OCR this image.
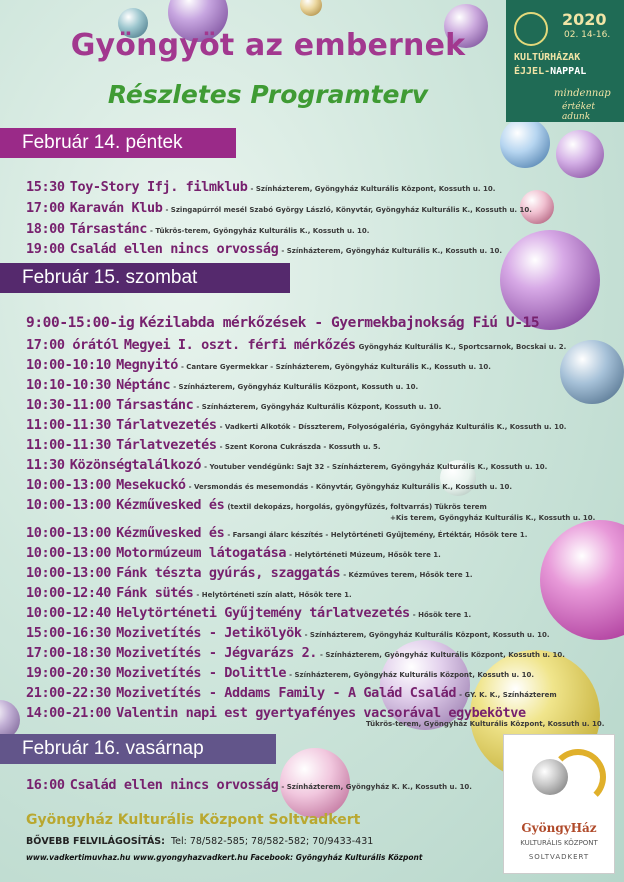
Gyöngyöt az embernek
Részletes Programterv
2020
02. 14-16.
KULTÚRHÁZAK
ÉJJEL-NAPPAL
mindennap
értéket adunk
Február 14. péntek
15:30 Toy-Story Ifj. filmklub - Színházterem, Gyöngyház Kulturális Központ, Kossuth u. 10.
17:00 Karaván Klub - Szingapúrról mesél Szabó György László, Könyvtár, Gyöngyház Kulturális K., Kossuth u. 10.
18:00 Társastánc - Tükrös-terem, Gyöngyház Kulturális K., Kossuth u. 10.
19:00 Család ellen nincs orvosság - Színházterem, Gyöngyház Kulturális K., Kossuth u. 10.
Február 15. szombat
9:00-15:00-ig Kézilabda mérkőzések - Gyermekbajnokság Fiú U-15
17:00 órától Megyei I. oszt. férfi mérkőzés Gyöngyház Kulturális K., Sportcsarnok, Bocskai u. 2.
10:00-10:10 Megnyitó - Cantare Gyermekkar - Színházterem, Gyöngyház Kulturális K., Kossuth u. 10.
10:10-10:30 Néptánc - Színházterem, Gyöngyház Kulturális Központ, Kossuth u. 10.
10:30-11:00 Társastánc - Színházterem, Gyöngyház Kulturális Központ, Kossuth u. 10.
11:00-11:30 Tárlatvezetés - Vadkerti Alkotók - Dísszterem, Folyosógaléria, Gyöngyház Kulturális K., Kossuth u. 10.
11:00-11:30 Tárlatvezetés - Szent Korona Cukrászda - Kossuth u. 5.
11:30 Közönségtalálkozó - Youtuber vendégünk: Sajt 32 - Színházterem, Gyöngyház Kulturális K., Kossuth u. 10.
10:00-13:00 Mesekuckó - Versmondás és mesemondás - Könyvtár, Gyöngyház Kulturális K., Kossuth u. 10.
10:00-13:00 Kézművesked és (textil dekopázs, horgolás, gyöngyfűzés, foltvarrás) Tükrös terem
+Kis terem, Gyöngyház Kulturális K., Kossuth u. 10.
10:00-13:00 Kézművesked és - Farsangi álarc készítés - Helytörténeti Gyűjtemény, Értéktár, Hősök tere 1.
10:00-13:00 Motormúzeum látogatása - Helytörténeti Múzeum, Hősök tere 1.
10:00-13:00 Fánk tészta gyúrás, szaggatás - Kézműves terem, Hősök tere 1.
10:00-12:40 Fánk sütés - Helytörténeti szín alatt, Hősök tere 1.
10:00-12:40 Helytörténeti Gyűjtemény tárlatvezetés - Hősök tere 1.
15:00-16:30 Mozivetítés - Jetikölyök - Színházterem, Gyöngyház Kulturális Központ, Kossuth u. 10.
17:00-18:30 Mozivetítés - Jégvarázs 2. - Színházterem, Gyöngyház Kulturális Központ, Kossuth u. 10.
19:00-20:30 Mozivetítés - Dolittle - Színházterem, Gyöngyház Kulturális Központ, Kossuth u. 10.
21:00-22:30 Mozivetítés - Addams Family - A Galád Család - GY. K. K., Színházterem
14:00-21:00 Valentin napi est gyertyafényes vacsorával egybekötve
Tükrös-terem, Gyöngyház Kulturális Központ, Kossuth u. 10.
Február 16. vasárnap
16:00 Család ellen nincs orvosság - Színházterem, Gyöngyház K. K., Kossuth u. 10.
Gyöngyház Kulturális Központ Soltvadkert
BŐVEBB FELVILÁGOSÍTÁS: Tel: 78/582-585; 78/582-582; 70/9433-431
www.vadkertimuvhaz.hu www.gyongyhazvadkert.hu Facebook: Gyöngyház Kulturális Központ
GyöngyHáz
KULTURÁLIS KÖZPONT
SOLTVADKERT
